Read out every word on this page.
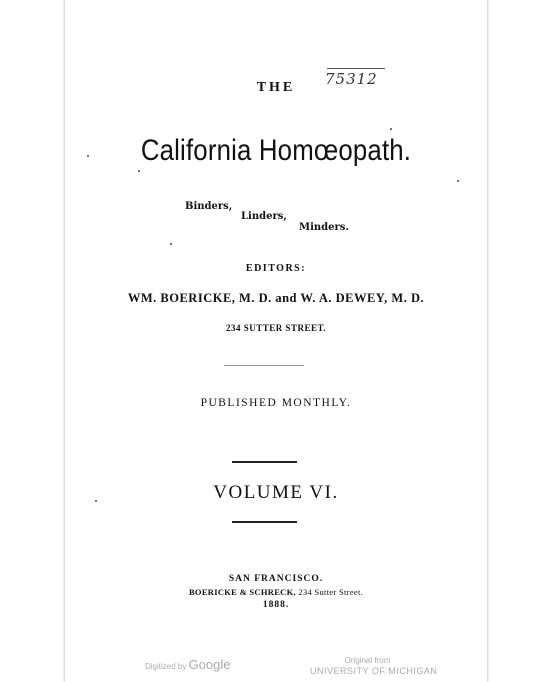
75312
THE
California Homœopath.
Binders,
Linders,
Minders.
EDITORS:
WM. BOERICKE, M. D. and W. A. DEWEY, M. D.
234 SUTTER STREET.
PUBLISHED MONTHLY.
VOLUME VI.
SAN FRANCISCO.
BOERICKE & SCHRECK, 234 Sutter Street.
1888.
Digitized by Google	Original from
UNIVERSITY OF MICHIGAN
